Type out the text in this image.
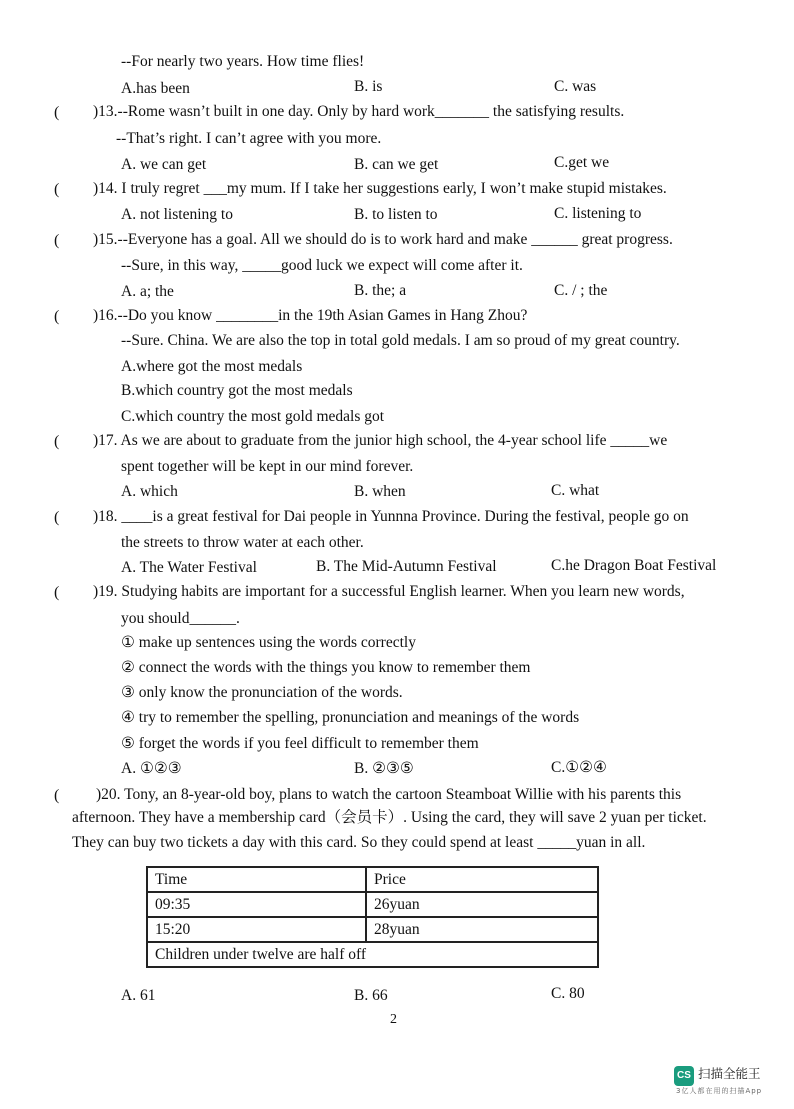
--For nearly two years. How time flies!
A.has been	B. is	C. was
( )13.--Rome wasn’t built in one day. Only by hard work_______ the satisfying results.
--That’s right. I can’t agree with you more.
A. we can get	B. can we get	C.get we
( )14. I truly regret ___my mum. If I take her suggestions early, I won’t make stupid mistakes.
A. not listening to	B. to listen to	C. listening to
( )15.--Everyone has a goal. All we should do is to work hard and make ______ great progress.
--Sure, in this way, _____good luck we expect will come after it.
A. a; the	B. the; a	C. / ; the
( )16.--Do you know ________in the 19th Asian Games in Hang Zhou?
--Sure. China. We are also the top in total gold medals. I am so proud of my great country.
A.where got the most medals
B.which country got the most medals
C.which country the most gold medals got
( )17. As we are about to graduate from the junior high school, the 4-year school life _____we
spent together will be kept in our mind forever.
A. which	B. when	C. what
( )18. ____is a great festival for Dai people in Yunnna Province. During the festival, people go on
the streets to throw water at each other.
A. The Water Festival	B. The Mid-Autumn Festival	C.he Dragon Boat Festival
( )19. Studying habits are important for a successful English learner. When you learn new words,
you should______.
① make up sentences using the words correctly
② connect the words with the things you know to remember them
③ only know the pronunciation of the words.
④ try to remember the spelling, pronunciation and meanings of the words
⑤ forget the words if you feel difficult to remember them
A. ①②③	B. ②③⑤	C.①②④
( )20. Tony, an 8-year-old boy, plans to watch the cartoon Steamboat Willie with his parents this
afternoon. They have a membership card（会员卡）. Using the card, they will save 2 yuan per ticket.
They can buy two tickets a day with this card. So they could spend at least _____yuan in all.
Time	Price
09:35	26yuan
15:20	28yuan
Children under twelve are half off	
A. 61	B. 66	C. 80
2
CS 扫描全能王
3亿人都在用的扫描App
